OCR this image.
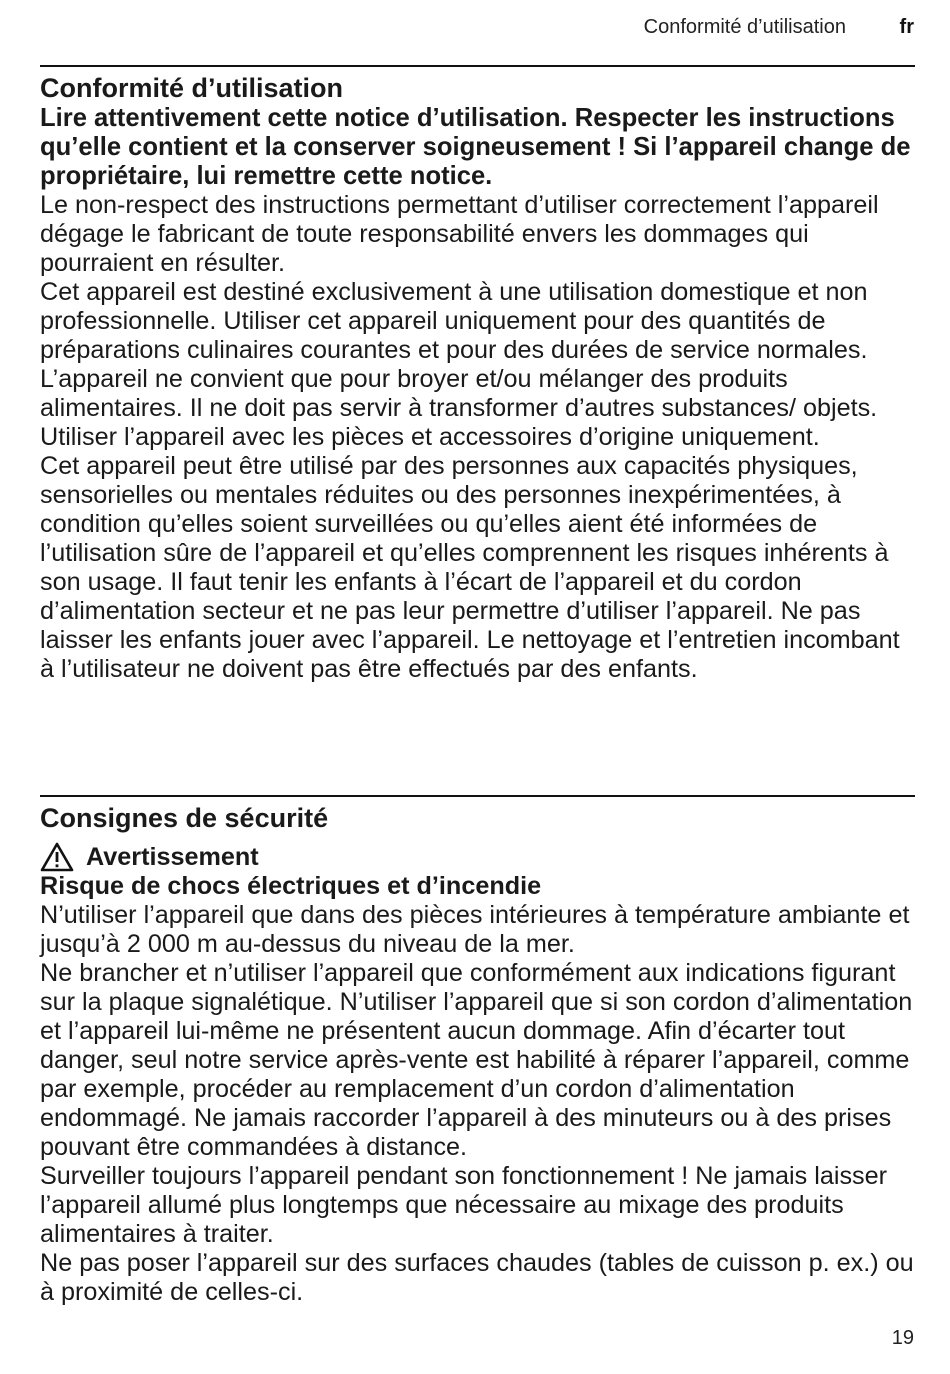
Conformité d’utilisation	fr

Conformité d’utilisation

Lire attentivement cette notice d’utilisation. Respecter les instructions qu’elle contient et la conserver soigneusement ! Si l’appareil change de propriétaire, lui remettre cette notice.

Le non-respect des instructions permettant d’utiliser correctement l’appareil dégage le fabricant de toute responsabilité envers les dommages qui pourraient en résulter.

Cet appareil est destiné exclusivement à une utilisation domestique et non professionnelle. Utiliser cet appareil uniquement pour des quantités de préparations culinaires courantes et pour des durées de service normales.

L’appareil ne convient que pour broyer et/ou mélanger des produits alimentaires. Il ne doit pas servir à transformer d’autres substances/ objets. Utiliser l’appareil avec les pièces et accessoires d’origine uniquement.

Cet appareil peut être utilisé par des personnes aux capacités physiques, sensorielles ou mentales réduites ou des personnes inexpérimentées, à condition qu’elles soient surveillées ou qu’elles aient été informées de l’utilisation sûre de l’appareil et qu’elles comprennent les risques inhérents à son usage. Il faut tenir les enfants à l’écart de l’appareil et du cordon d’alimentation secteur et ne pas leur permettre d’utiliser l’appareil. Ne pas laisser les enfants jouer avec l’appareil. Le nettoyage et l’entretien incombant à l’utilisateur ne doivent pas être effectués par des enfants.

Consignes de sécurité

Avertissement

Risque de chocs électriques et d’incendie

N’utiliser l’appareil que dans des pièces intérieures à température ambiante et jusqu’à 2 000 m au-dessus du niveau de la mer.

Ne brancher et n’utiliser l’appareil que conformément aux indications figurant sur la plaque signalétique. N’utiliser l’appareil que si son cordon d’alimentation et l’appareil lui-même ne présentent aucun dommage. Afin d’écarter tout danger, seul notre service après-vente est habilité à réparer l’appareil, comme par exemple, procéder au remplacement d’un cordon d’alimentation endommagé. Ne jamais raccorder l’appareil à des minuteurs ou à des prises pouvant être commandées à distance.

Surveiller toujours l’appareil pendant son fonctionnement ! Ne jamais laisser l’appareil allumé plus longtemps que nécessaire au mixage des produits alimentaires à traiter.

Ne pas poser l’appareil sur des surfaces chaudes (tables de cuisson p. ex.) ou à proximité de celles-ci.

19
